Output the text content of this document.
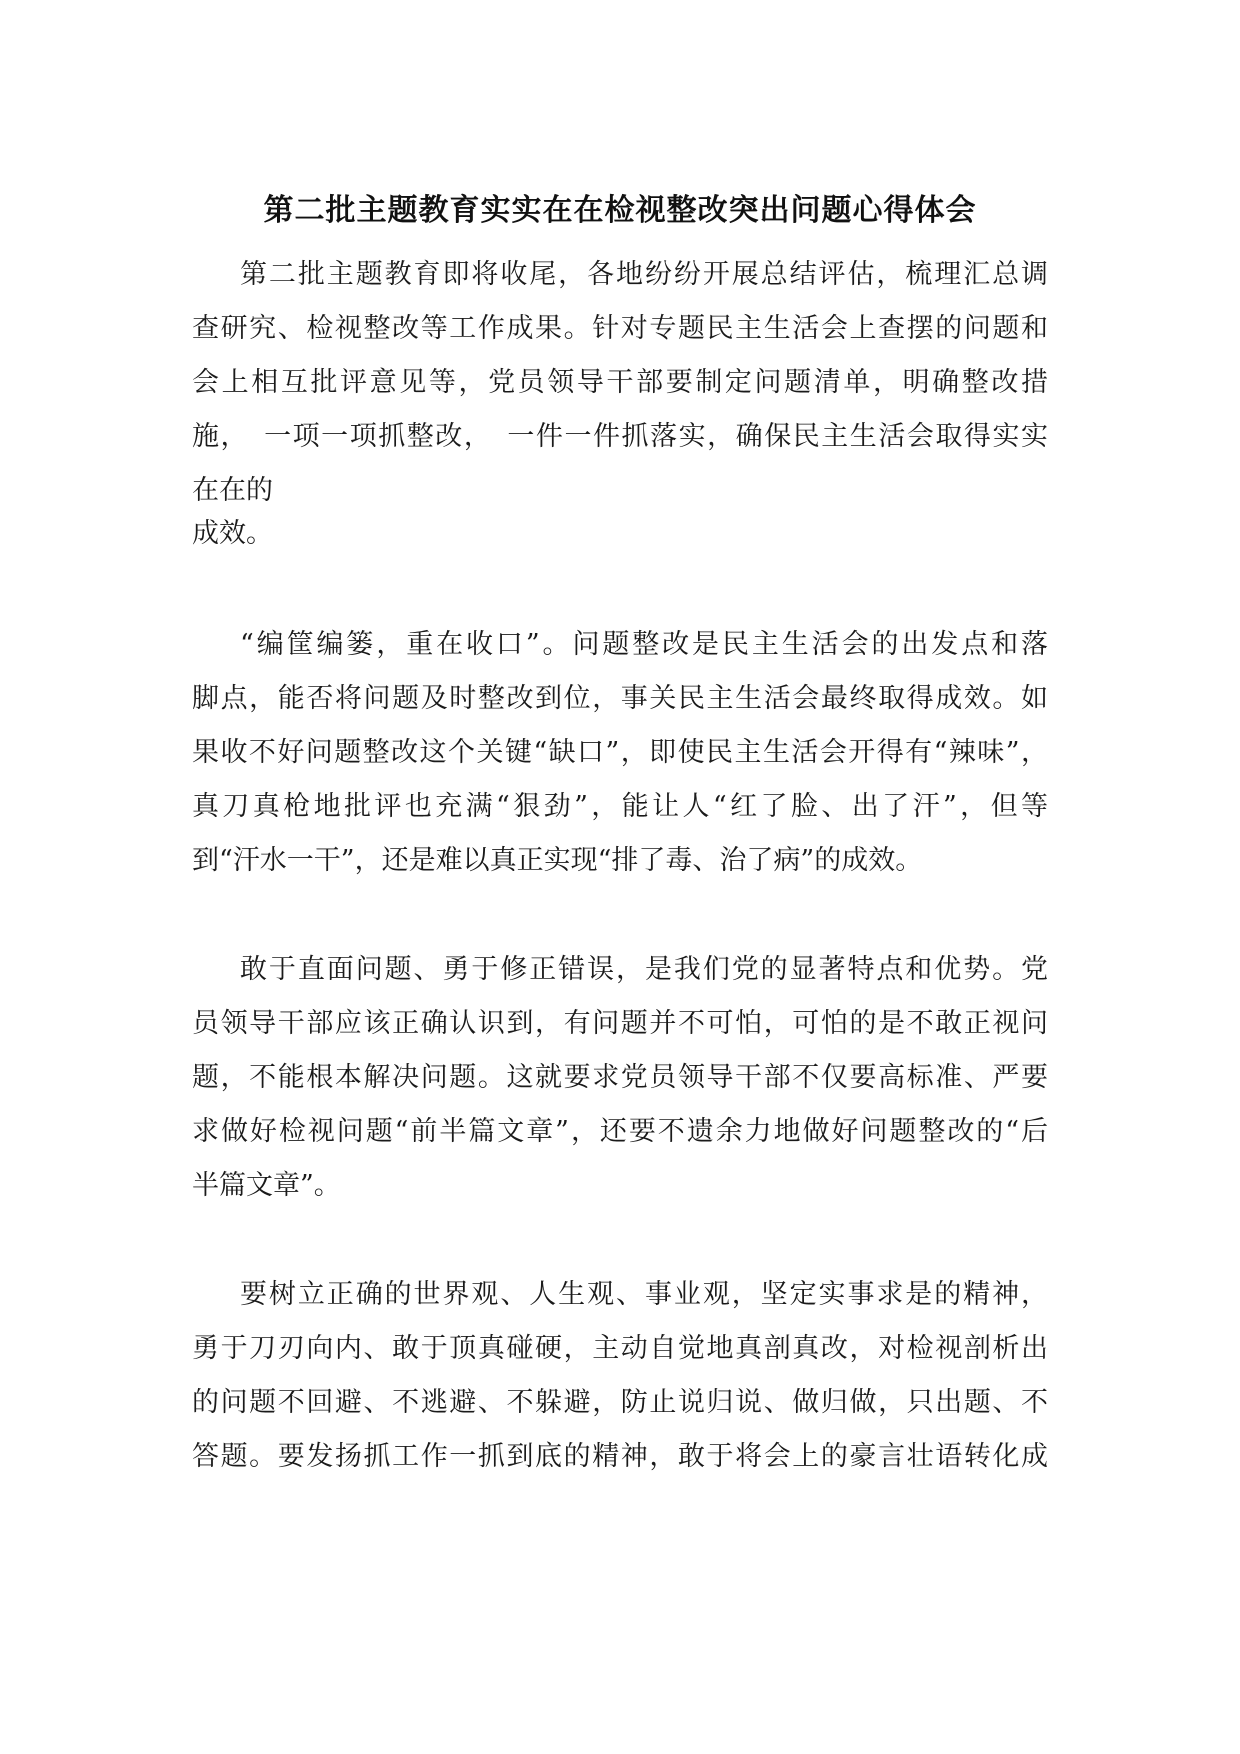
第二批主题教育实实在在检视整改突出问题心得体会
第二批主题教育即将收尾，各地纷纷开展总结评估，梳理汇总调
查研究、检视整改等工作成果。针对专题民主生活会上查摆的问题和
会上相互批评意见等，党员领导干部要制定问题清单，明确整改措
施，　一项一项抓整改，　一件一件抓落实，确保民主生活会取得实实
在在的
成效。
“编筐编篓，重在收口”。问题整改是民主生活会的出发点和落
脚点，能否将问题及时整改到位，事关民主生活会最终取得成效。如
果收不好问题整改这个关键“缺口”，即使民主生活会开得有“辣味”，
真刀真枪地批评也充满“狠劲”，能让人“红了脸、出了汗”，但等
到“汗水一干”，还是难以真正实现“排了毒、治了病”的成效。
敢于直面问题、勇于修正错误，是我们党的显著特点和优势。党
员领导干部应该正确认识到，有问题并不可怕，可怕的是不敢正视问
题，不能根本解决问题。这就要求党员领导干部不仅要高标准、严要
求做好检视问题“前半篇文章”，还要不遗余力地做好问题整改的“后
半篇文章”。
要树立正确的世界观、人生观、事业观，坚定实事求是的精神，
勇于刀刃向内、敢于顶真碰硬，主动自觉地真剖真改，对检视剖析出
的问题不回避、不逃避、不躲避，防止说归说、做归做，只出题、不
答题。要发扬抓工作一抓到底的精神，敢于将会上的豪言壮语转化成
